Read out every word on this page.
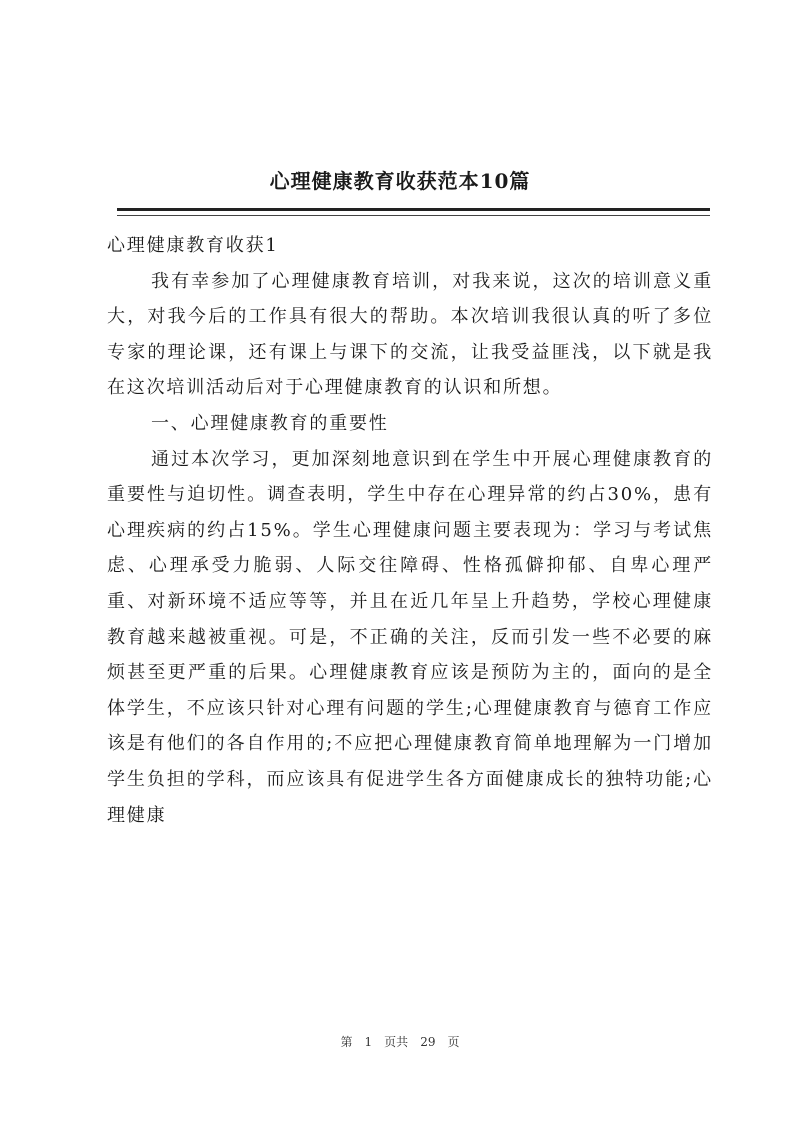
心理健康教育收获范本10篇

心理健康教育收获1

我有幸参加了心理健康教育培训，对我来说，这次的培训意义重大，对我今后的工作具有很大的帮助。本次培训我很认真的听了多位专家的理论课，还有课上与课下的交流，让我受益匪浅，以下就是我在这次培训活动后对于心理健康教育的认识和所想。

一、心理健康教育的重要性

通过本次学习，更加深刻地意识到在学生中开展心理健康教育的重要性与迫切性。调查表明，学生中存在心理异常的约占30%，患有心理疾病的约占15%。学生心理健康问题主要表现为：学习与考试焦虑、心理承受力脆弱、人际交往障碍、性格孤僻抑郁、自卑心理严重、对新环境不适应等等，并且在近几年呈上升趋势，学校心理健康教育越来越被重视。可是，不正确的关注，反而引发一些不必要的麻烦甚至更严重的后果。心理健康教育应该是预防为主的，面向的是全体学生，不应该只针对心理有问题的学生;心理健康教育与德育工作应该是有他们的各自作用的;不应把心理健康教育简单地理解为一门增加学生负担的学科，而应该具有促进学生各方面健康成长的独特功能;心理健康

第 1 页共 29 页
